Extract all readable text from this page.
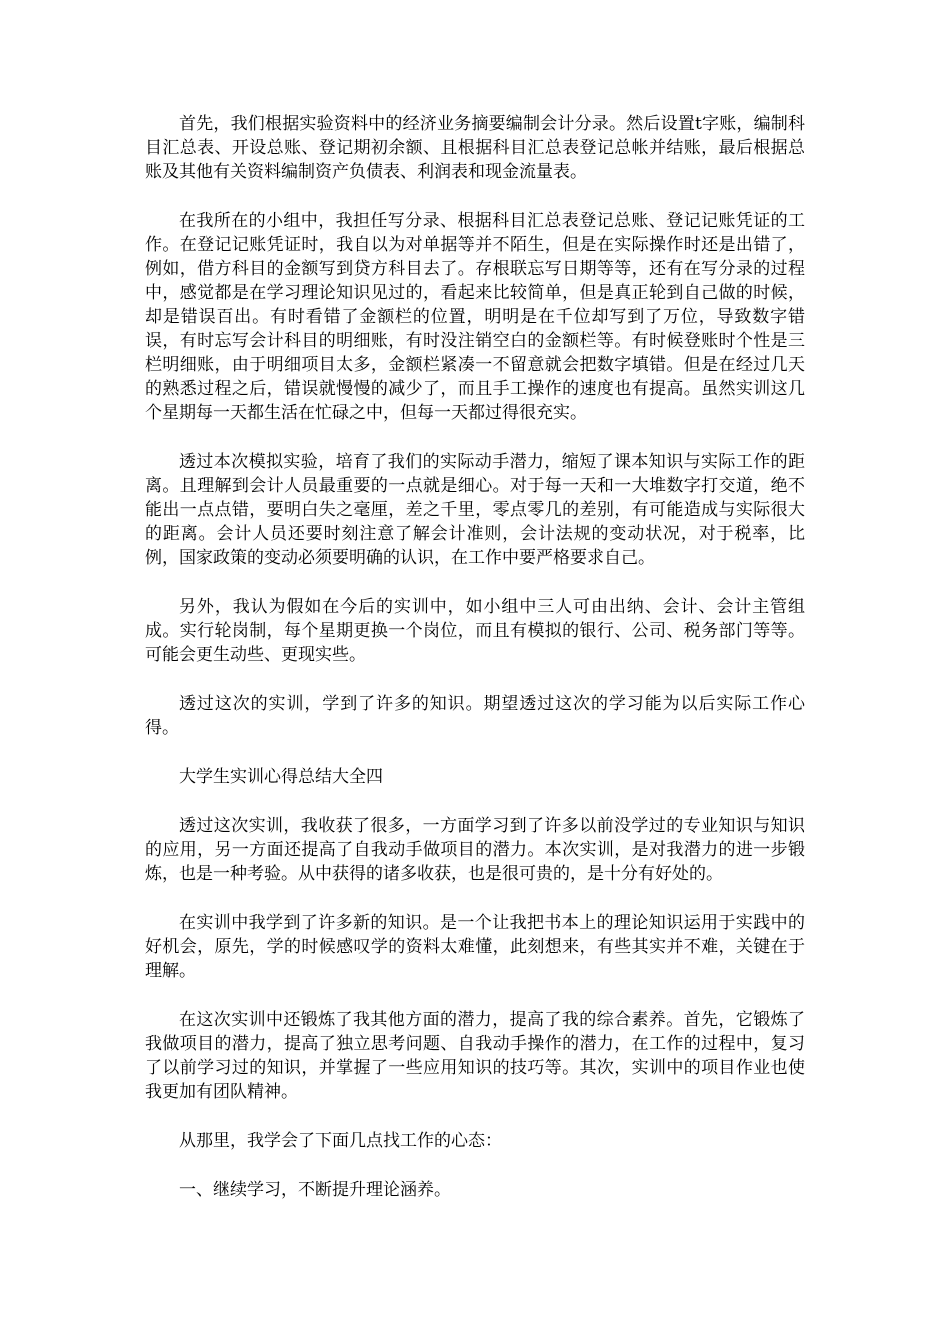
首先，我们根据实验资料中的经济业务摘要编制会计分录。然后设置t字账，编制科目汇总表、开设总账、登记期初余额、且根据科目汇总表登记总帐并结账，最后根据总账及其他有关资料编制资产负债表、利润表和现金流量表。

在我所在的小组中，我担任写分录、根据科目汇总表登记总账、登记记账凭证的工作。在登记记账凭证时，我自以为对单据等并不陌生，但是在实际操作时还是出错了，例如，借方科目的金额写到贷方科目去了。存根联忘写日期等等，还有在写分录的过程中，感觉都是在学习理论知识见过的，看起来比较简单，但是真正轮到自己做的时候，却是错误百出。有时看错了金额栏的位置，明明是在千位却写到了万位，导致数字错误，有时忘写会计科目的明细账，有时没注销空白的金额栏等。有时候登账时个性是三栏明细账，由于明细项目太多，金额栏紧凑一不留意就会把数字填错。但是在经过几天的熟悉过程之后，错误就慢慢的减少了，而且手工操作的速度也有提高。虽然实训这几个星期每一天都生活在忙碌之中，但每一天都过得很充实。

透过本次模拟实验，培育了我们的实际动手潜力，缩短了课本知识与实际工作的距离。且理解到会计人员最重要的一点就是细心。对于每一天和一大堆数字打交道，绝不能出一点点错，要明白失之毫厘，差之千里，零点零几的差别，有可能造成与实际很大的距离。会计人员还要时刻注意了解会计准则，会计法规的变动状况，对于税率，比例，国家政策的变动必须要明确的认识，在工作中要严格要求自己。

另外，我认为假如在今后的实训中，如小组中三人可由出纳、会计、会计主管组成。实行轮岗制，每个星期更换一个岗位，而且有模拟的银行、公司、税务部门等等。可能会更生动些、更现实些。

透过这次的实训，学到了许多的知识。期望透过这次的学习能为以后实际工作心得。

大学生实训心得总结大全四

透过这次实训，我收获了很多，一方面学习到了许多以前没学过的专业知识与知识的应用，另一方面还提高了自我动手做项目的潜力。本次实训，是对我潜力的进一步锻炼，也是一种考验。从中获得的诸多收获，也是很可贵的，是十分有好处的。

在实训中我学到了许多新的知识。是一个让我把书本上的理论知识运用于实践中的好机会，原先，学的时候感叹学的资料太难懂，此刻想来，有些其实并不难，关键在于理解。

在这次实训中还锻炼了我其他方面的潜力，提高了我的综合素养。首先，它锻炼了我做项目的潜力，提高了独立思考问题、自我动手操作的潜力，在工作的过程中，复习了以前学习过的知识，并掌握了一些应用知识的技巧等。其次，实训中的项目作业也使我更加有团队精神。

从那里，我学会了下面几点找工作的心态：

一、继续学习，不断提升理论涵养。
